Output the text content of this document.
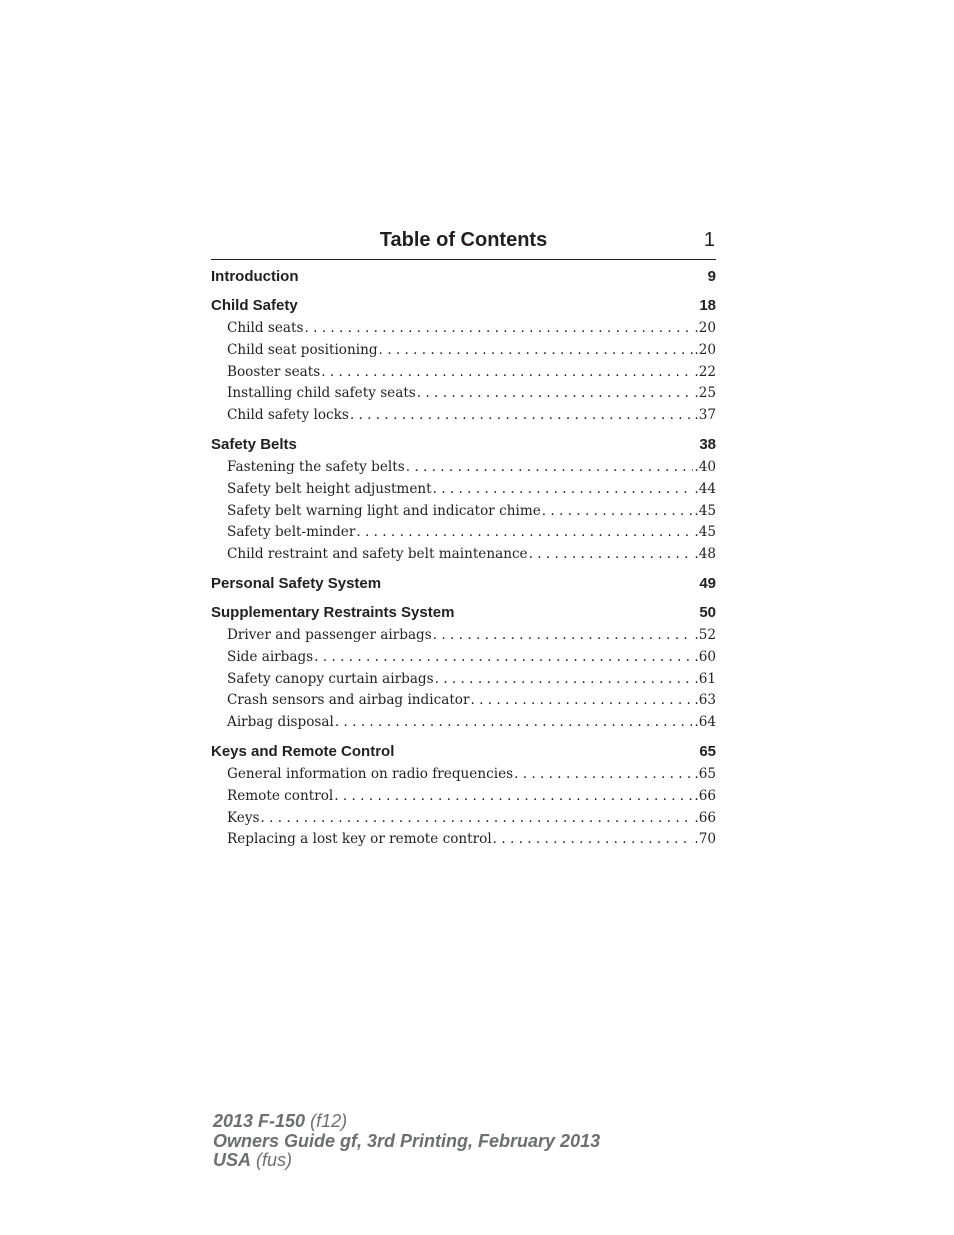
Table of Contents	1
Introduction	9
Child Safety	18
Child seats . . .	.20
Child seat positioning . . .	.20
Booster seats . . .	.22
Installing child safety seats . . .	.25
Child safety locks . . .	.37
Safety Belts	38
Fastening the safety belts . . .	.40
Safety belt height adjustment . . .	.44
Safety belt warning light and indicator chime . . .	.45
Safety belt-minder . . .	.45
Child restraint and safety belt maintenance . . .	.48
Personal Safety System	49
Supplementary Restraints System	50
Driver and passenger airbags . . .	.52
Side airbags . . .	.60
Safety canopy curtain airbags . . .	.61
Crash sensors and airbag indicator . . .	.63
Airbag disposal . . .	.64
Keys and Remote Control	65
General information on radio frequencies . . .	.65
Remote control . . .	.66
Keys . . .	.66
Replacing a lost key or remote control . . .	.70
2013 F-150 (f12)
Owners Guide gf, 3rd Printing, February 2013
USA (fus)
